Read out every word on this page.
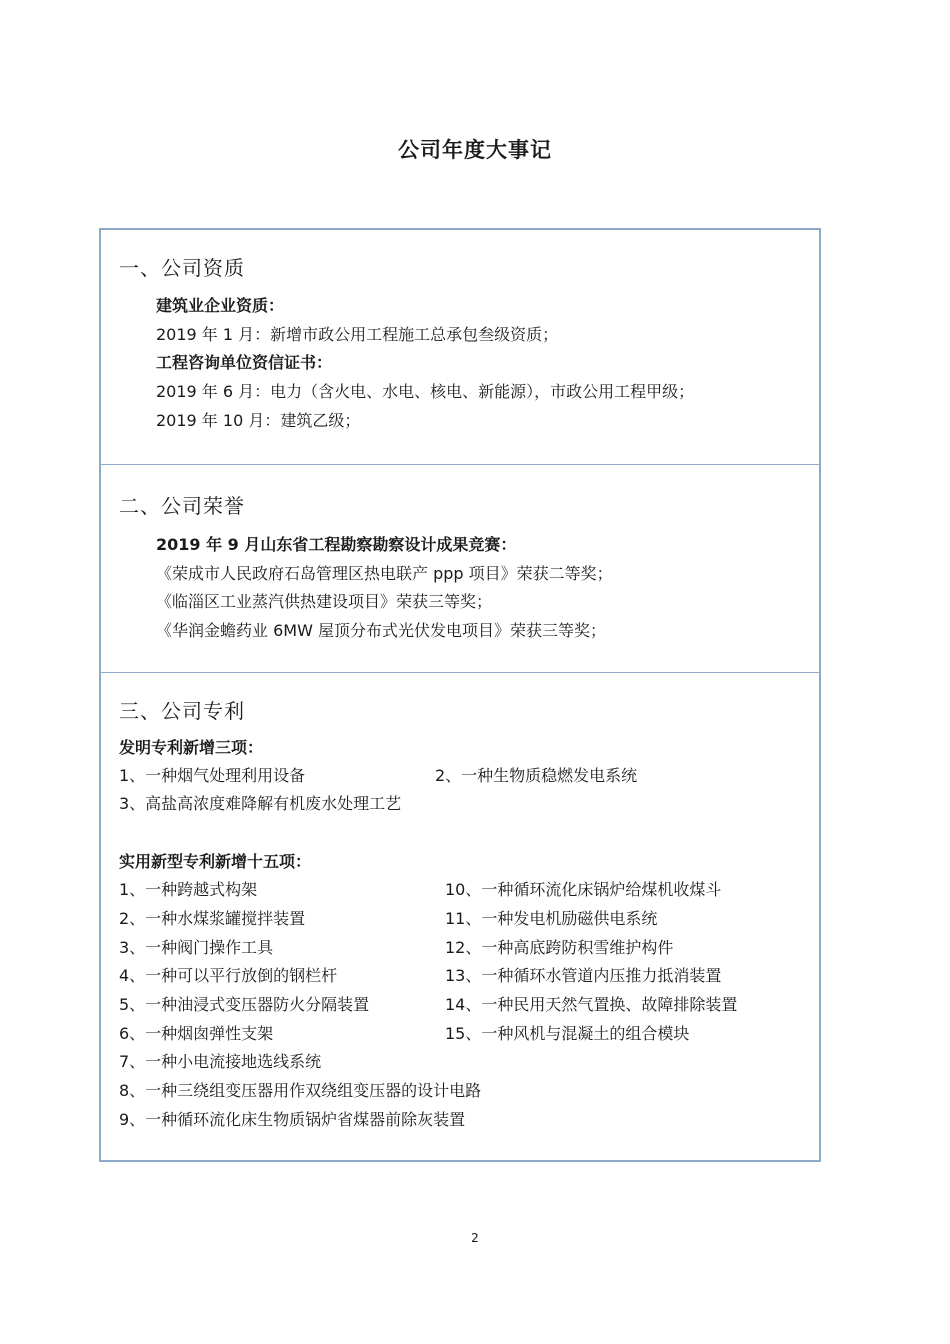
公司年度大事记
一、公司资质
建筑业企业资质：
2019 年 1 月：新增市政公用工程施工总承包叁级资质；
工程咨询单位资信证书：
2019 年 6 月：电力（含火电、水电、核电、新能源），市政公用工程甲级；
2019 年 10 月：建筑乙级；
二、公司荣誉
2019 年 9 月山东省工程勘察勘察设计成果竞赛：
《荣成市人民政府石岛管理区热电联产 ppp 项目》荣获二等奖；
《临淄区工业蒸汽供热建设项目》荣获三等奖；
《华润金蟾药业 6MW 屋顶分布式光伏发电项目》荣获三等奖；
三、公司专利
发明专利新增三项：
1、一种烟气处理利用设备	2、一种生物质稳燃发电系统
3、高盐高浓度难降解有机废水处理工艺
实用新型专利新增十五项：
1、一种跨越式构架
2、一种水煤浆罐搅拌装置
3、一种阀门操作工具
4、一种可以平行放倒的钢栏杆
5、一种油浸式变压器防火分隔装置
6、一种烟囱弹性支架
7、一种小电流接地选线系统
8、一种三绕组变压器用作双绕组变压器的设计电路
9、一种循环流化床生物质锅炉省煤器前除灰装置
10、一种循环流化床锅炉给煤机收煤斗
11、一种发电机励磁供电系统
12、一种高底跨防积雪维护构件
13、一种循环水管道内压推力抵消装置
14、一种民用天然气置换、故障排除装置
15、一种风机与混凝土的组合模块
2
